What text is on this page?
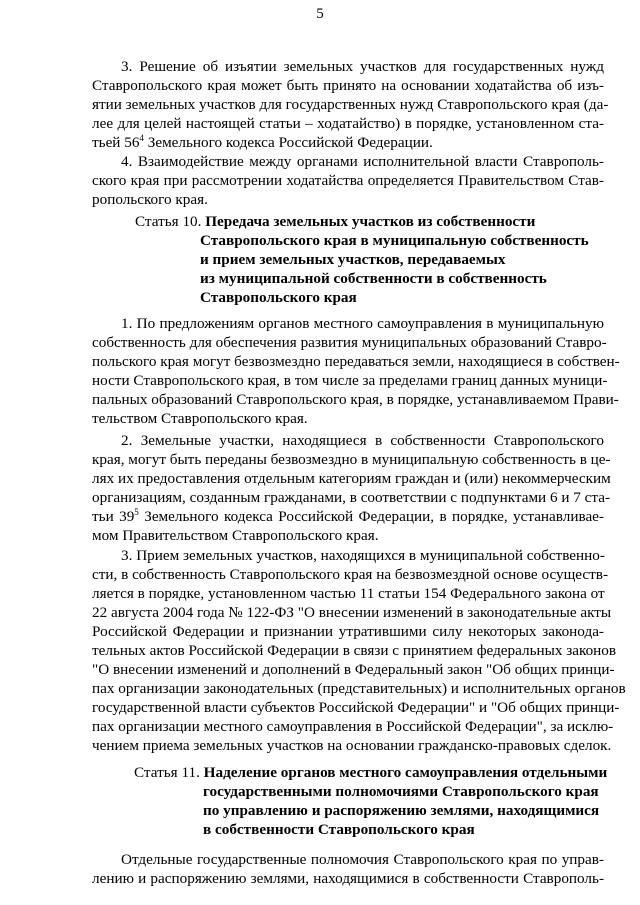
5
3. Решение об изъятии земельных участков для государственных нужд
Ставропольского края может быть принято на основании ходатайства об изъ-
ятии земельных участков для государственных нужд Ставропольского края (да-
лее для целей настоящей статьи – ходатайство) в порядке, установленном ста-
тьей $56^4$ Земельного кодекса Российской Федерации.
4. Взаимодействие между органами исполнительной власти Ставрополь-
ского края при рассмотрении ходатайства определяется Правительством Став-
ропольского края.
Статья 10. Передача земельных участков из собственности
Ставропольского края в муниципальную собственность
и прием земельных участков, передаваемых
из муниципальной собственности в собственность
Ставропольского края
1. По предложениям органов местного самоуправления в муниципальную
собственность для обеспечения развития муниципальных образований Ставро-
польского края могут безвозмездно передаваться земли, находящиеся в собствен-
ности Ставропольского края, в том числе за пределами границ данных муници-
пальных образований Ставропольского края, в порядке, устанавливаемом Прави-
тельством Ставропольского края.
2. Земельные участки, находящиеся в собственности Ставропольского
края, могут быть переданы безвозмездно в муниципальную собственность в це-
лях их предоставления отдельным категориям граждан и (или) некоммерческим
организациям, созданным гражданами, в соответствии с подпунктами 6 и 7 ста-
тьи $39^5$ Земельного кодекса Российской Федерации, в порядке, устанавливае-
мом Правительством Ставропольского края.
3. Прием земельных участков, находящихся в муниципальной собственно-
сти, в собственность Ставропольского края на безвозмездной основе осуществ-
ляется в порядке, установленном частью 11 статьи 154 Федерального закона от
22 августа 2004 года № 122-ФЗ "О внесении изменений в законодательные акты
Российской Федерации и признании утратившими силу некоторых законода-
тельных актов Российской Федерации в связи с принятием федеральных законов
"О внесении изменений и дополнений в Федеральный закон "Об общих принци-
пах организации законодательных (представительных) и исполнительных органов
государственной власти субъектов Российской Федерации" и "Об общих принци-
пах организации местного самоуправления в Российской Федерации", за исклю-
чением приема земельных участков на основании гражданско-правовых сделок.
Статья 11. Наделение органов местного самоуправления отдельными
государственными полномочиями Ставропольского края
по управлению и распоряжению землями, находящимися
в собственности Ставропольского края
Отдельные государственные полномочия Ставропольского края по управ-
лению и распоряжению землями, находящимися в собственности Ставрополь-
